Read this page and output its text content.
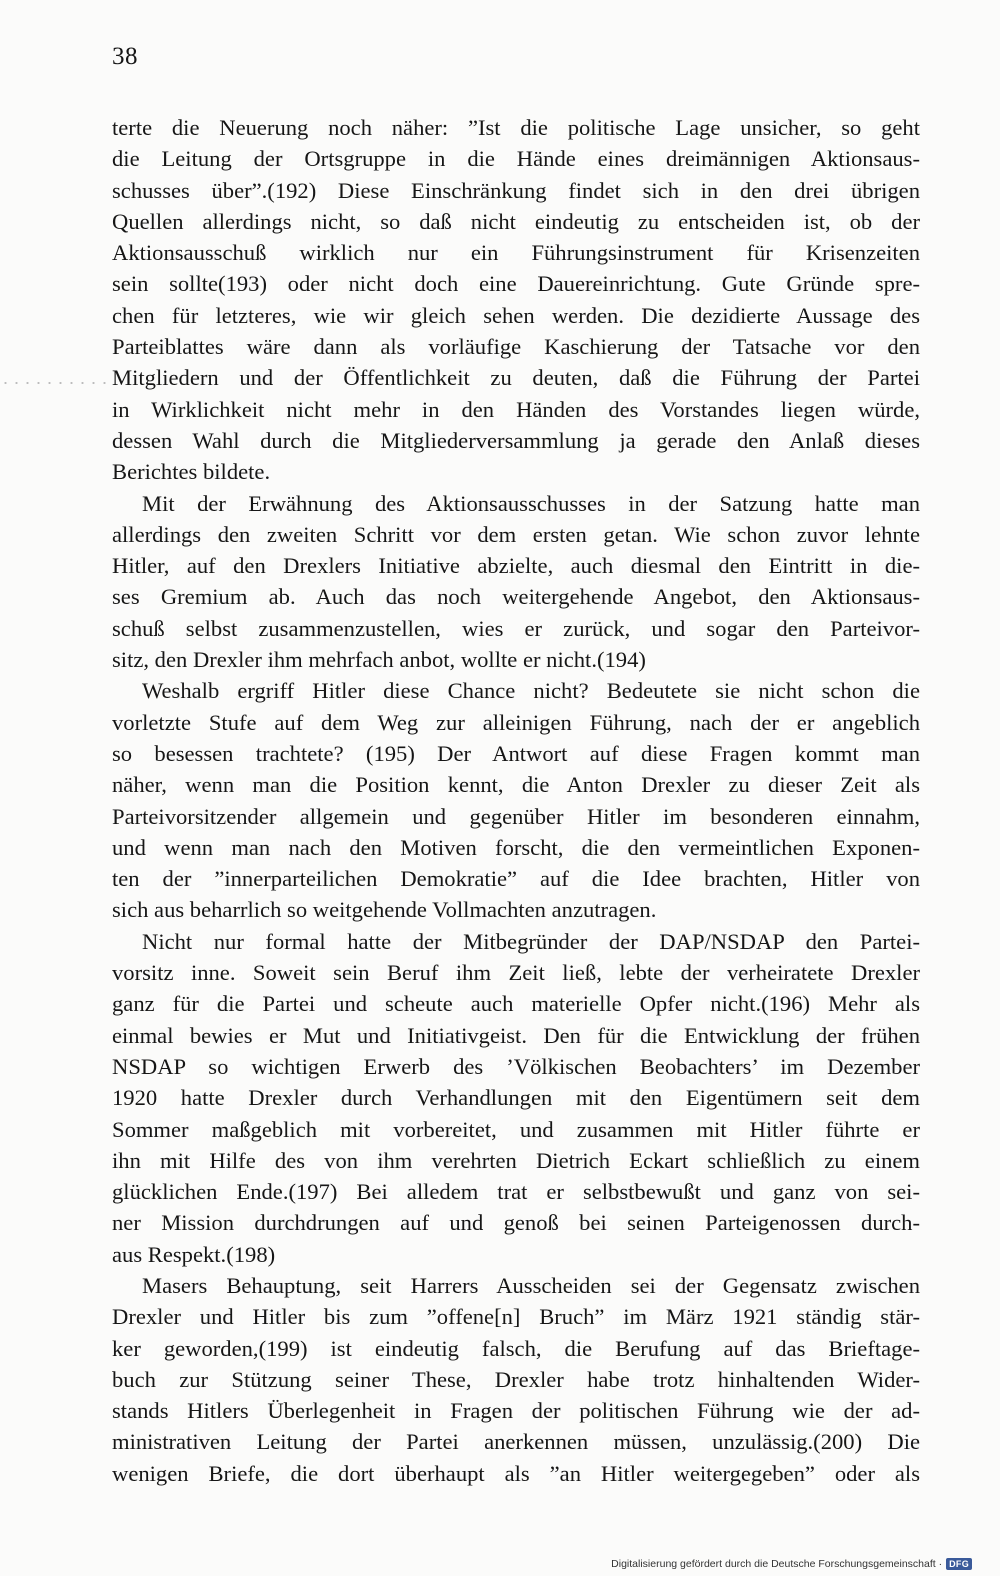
38
terte die Neuerung noch näher: ”Ist die politische Lage unsicher, so geht
die Leitung der Ortsgruppe in die Hände eines dreimännigen Aktionsaus-
schusses über”.(192) Diese Einschränkung findet sich in den drei übrigen
Quellen allerdings nicht, so daß nicht eindeutig zu entscheiden ist, ob der
Aktionsausschuß wirklich nur ein Führungsinstrument für Krisenzeiten
sein sollte(193) oder nicht doch eine Dauereinrichtung. Gute Gründe spre-
chen für letzteres, wie wir gleich sehen werden. Die dezidierte Aussage des
Parteiblattes wäre dann als vorläufige Kaschierung der Tatsache vor den
Mitgliedern und der Öffentlichkeit zu deuten, daß die Führung der Partei
in Wirklichkeit nicht mehr in den Händen des Vorstandes liegen würde,
dessen Wahl durch die Mitgliederversammlung ja gerade den Anlaß dieses
Berichtes bildete.
Mit der Erwähnung des Aktionsausschusses in der Satzung hatte man
allerdings den zweiten Schritt vor dem ersten getan. Wie schon zuvor lehnte
Hitler, auf den Drexlers Initiative abzielte, auch diesmal den Eintritt in die-
ses Gremium ab. Auch das noch weitergehende Angebot, den Aktionsaus-
schuß selbst zusammenzustellen, wies er zurück, und sogar den Parteivor-
sitz, den Drexler ihm mehrfach anbot, wollte er nicht.(194)
Weshalb ergriff Hitler diese Chance nicht? Bedeutete sie nicht schon die
vorletzte Stufe auf dem Weg zur alleinigen Führung, nach der er angeblich
so besessen trachtete? (195) Der Antwort auf diese Fragen kommt man
näher, wenn man die Position kennt, die Anton Drexler zu dieser Zeit als
Parteivorsitzender allgemein und gegenüber Hitler im besonderen einnahm,
und wenn man nach den Motiven forscht, die den vermeintlichen Exponen-
ten der ”innerparteilichen Demokratie” auf die Idee brachten, Hitler von
sich aus beharrlich so weitgehende Vollmachten anzutragen.
Nicht nur formal hatte der Mitbegründer der DAP/NSDAP den Partei-
vorsitz inne. Soweit sein Beruf ihm Zeit ließ, lebte der verheiratete Drexler
ganz für die Partei und scheute auch materielle Opfer nicht.(196) Mehr als
einmal bewies er Mut und Initiativgeist. Den für die Entwicklung der frühen
NSDAP so wichtigen Erwerb des ’Völkischen Beobachters’ im Dezember
1920 hatte Drexler durch Verhandlungen mit den Eigentümern seit dem
Sommer maßgeblich mit vorbereitet, und zusammen mit Hitler führte er
ihn mit Hilfe des von ihm verehrten Dietrich Eckart schließlich zu einem
glücklichen Ende.(197) Bei alledem trat er selbstbewußt und ganz von sei-
ner Mission durchdrungen auf und genoß bei seinen Parteigenossen durch-
aus Respekt.(198)
Masers Behauptung, seit Harrers Ausscheiden sei der Gegensatz zwischen
Drexler und Hitler bis zum ”offene[n] Bruch” im März 1921 ständig stär-
ker geworden,(199) ist eindeutig falsch, die Berufung auf das Brieftage-
buch zur Stützung seiner These, Drexler habe trotz hinhaltenden Wider-
stands Hitlers Überlegenheit in Fragen der politischen Führung wie der ad-
ministrativen Leitung der Partei anerkennen müssen, unzulässig.(200) Die
wenigen Briefe, die dort überhaupt als ”an Hitler weitergegeben” oder als
Digitalisierung gefördert durch die Deutsche Forschungsgemeinschaft · DFG
